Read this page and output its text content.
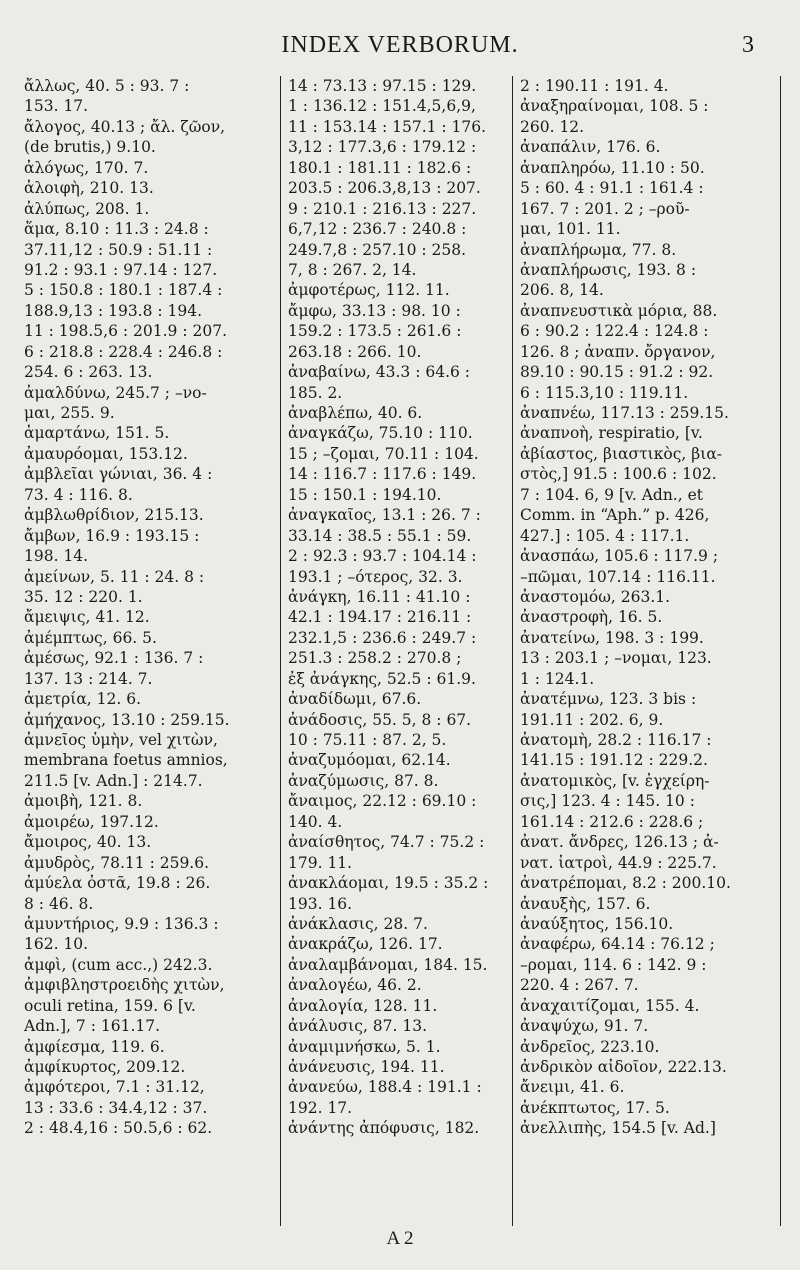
INDEX VERBORUM.	3
ἄλλως, 40. 5 : 93. 7 :
153. 17.
ἄλογος, 40.13 ; ἄλ. ζῶον,
(de brutis,) 9.10.
ἀλόγως, 170. 7.
ἀλοιφὴ, 210. 13.
ἀλύπως, 208. 1.
ἅμα, 8.10 : 11.3 : 24.8 :
37.11,12 : 50.9 : 51.11 :
91.2 : 93.1 : 97.14 : 127.
5 : 150.8 : 180.1 : 187.4 :
188.9,13 : 193.8 : 194.
11 : 198.5,6 : 201.9 : 207.
6 : 218.8 : 228.4 : 246.8 :
254. 6 : 263. 13.
ἀμαλδύνω, 245.7 ; –νο-
μαι, 255. 9.
ἁμαρτάνω, 151. 5.
ἀμαυρόομαι, 153.12.
ἀμβλεῖαι γώνιαι, 36. 4 :
73. 4 : 116. 8.
ἀμβλωθρίδιον, 215.13.
ἄμβων, 16.9 : 193.15 :
198. 14.
ἀμείνων, 5. 11 : 24. 8 :
35. 12 : 220. 1.
ἄμειψις, 41. 12.
ἀμέμπτως, 66. 5.
ἀμέσως, 92.1 : 136. 7 :
137. 13 : 214. 7.
ἀμετρία, 12. 6.
ἀμήχανος, 13.10 : 259.15.
ἀμνεῖος ὑμὴν, vel χιτὼν,
membrana foetus amnios,
211.5 [v. Adn.] : 214.7.
ἀμοιβὴ, 121. 8.
ἀμοιρέω, 197.12.
ἄμοιρος, 40. 13.
ἀμυδρὸς, 78.11 : 259.6.
ἀμύελα ὀστᾶ, 19.8 : 26.
8 : 46. 8.
ἀμυντήριος, 9.9 : 136.3 :
162. 10.
ἀμφὶ, (cum acc.,) 242.3.
ἀμφιβληστροειδὴς χιτὼν,
oculi retina, 159. 6 [v.
Adn.], 7 : 161.17.
ἀμφίεσμα, 119. 6.
ἀμφίκυρτος, 209.12.
ἀμφότεροι, 7.1 : 31.12,
13 : 33.6 : 34.4,12 : 37.
2 : 48.4,16 : 50.5,6 : 62.
14 : 73.13 : 97.15 : 129.
1 : 136.12 : 151.4,5,6,9,
11 : 153.14 : 157.1 : 176.
3,12 : 177.3,6 : 179.12 :
180.1 : 181.11 : 182.6 :
203.5 : 206.3,8,13 : 207.
9 : 210.1 : 216.13 : 227.
6,7,12 : 236.7 : 240.8 :
249.7,8 : 257.10 : 258.
7, 8 : 267. 2, 14.
ἀμφοτέρως, 112. 11.
ἄμφω, 33.13 : 98. 10 :
159.2 : 173.5 : 261.6 :
263.18 : 266. 10.
ἀναβαίνω, 43.3 : 64.6 :
185. 2.
ἀναβλέπω, 40. 6.
ἀναγκάζω, 75.10 : 110.
15 ; –ζομαι, 70.11 : 104.
14 : 116.7 : 117.6 : 149.
15 : 150.1 : 194.10.
ἀναγκαῖος, 13.1 : 26. 7 :
33.14 : 38.5 : 55.1 : 59.
2 : 92.3 : 93.7 : 104.14 :
193.1 ; –ότερος, 32. 3.
ἀνάγκη, 16.11 : 41.10 :
42.1 : 194.17 : 216.11 :
232.1,5 : 236.6 : 249.7 :
251.3 : 258.2 : 270.8 ;
ἐξ ἀνάγκης, 52.5 : 61.9.
ἀναδίδωμι, 67.6.
ἀνάδοσις, 55. 5, 8 : 67.
10 : 75.11 : 87. 2, 5.
ἀναζυμόομαι, 62.14.
ἀναζύμωσις, 87. 8.
ἄναιμος, 22.12 : 69.10 :
140. 4.
ἀναίσθητος, 74.7 : 75.2 :
179. 11.
ἀνακλάομαι, 19.5 : 35.2 :
193. 16.
ἀνάκλασις, 28. 7.
ἀνακράζω, 126. 17.
ἀναλαμβάνομαι, 184. 15.
ἀναλογέω, 46. 2.
ἀναλογία, 128. 11.
ἀνάλυσις, 87. 13.
ἀναμιμνήσκω, 5. 1.
ἀνάνευσις, 194. 11.
ἀνανεύω, 188.4 : 191.1 :
192. 17.
ἀνάντης ἀπόφυσις, 182.
2 : 190.11 : 191. 4.
ἀναξηραίνομαι, 108. 5 :
260. 12.
ἀναπάλιν, 176. 6.
ἀναπληρόω, 11.10 : 50.
5 : 60. 4 : 91.1 : 161.4 :
167. 7 : 201. 2 ; –ροῦ-
μαι, 101. 11.
ἀναπλήρωμα, 77. 8.
ἀναπλήρωσις, 193. 8 :
206. 8, 14.
ἀναπνευστικὰ μόρια, 88.
6 : 90.2 : 122.4 : 124.8 :
126. 8 ; ἀναπν. ὄργανον,
89.10 : 90.15 : 91.2 : 92.
6 : 115.3,10 : 119.11.
ἀναπνέω, 117.13 : 259.15.
ἀναπνοὴ, respiratio, [v.
ἀβίαστος, βιαστικὸς, βια-
στὸς,] 91.5 : 100.6 : 102.
7 : 104. 6, 9 [v. Adn., et
Comm. in “Aph.” p. 426,
427.] : 105. 4 : 117.1.
ἀνασπάω, 105.6 : 117.9 ;
–πῶμαι, 107.14 : 116.11.
ἀναστομόω, 263.1.
ἀναστροφὴ, 16. 5.
ἀνατείνω, 198. 3 : 199.
13 : 203.1 ; –νομαι, 123.
1 : 124.1.
ἀνατέμνω, 123. 3 bis :
191.11 : 202. 6, 9.
ἀνατομὴ, 28.2 : 116.17 :
141.15 : 191.12 : 229.2.
ἀνατομικὸς, [v. ἐγχείρη-
σις,] 123. 4 : 145. 10 :
161.14 : 212.6 : 228.6 ;
ἀνατ. ἄνδρες, 126.13 ; ἀ-
νατ. ἰατροὶ, 44.9 : 225.7.
ἀνατρέπομαι, 8.2 : 200.10.
ἀναυξὴς, 157. 6.
ἀναύξητος, 156.10.
ἀναφέρω, 64.14 : 76.12 ;
–ρομαι, 114. 6 : 142. 9 :
220. 4 : 267. 7.
ἀναχαιτίζομαι, 155. 4.
ἀναψύχω, 91. 7.
ἀνδρεῖος, 223.10.
ἀνδρικὸν αἰδοῖον, 222.13.
ἄνειμι, 41. 6.
ἀνέκπτωτος, 17. 5.
ἀνελλιπὴς, 154.5 [v. Ad.]
A 2
